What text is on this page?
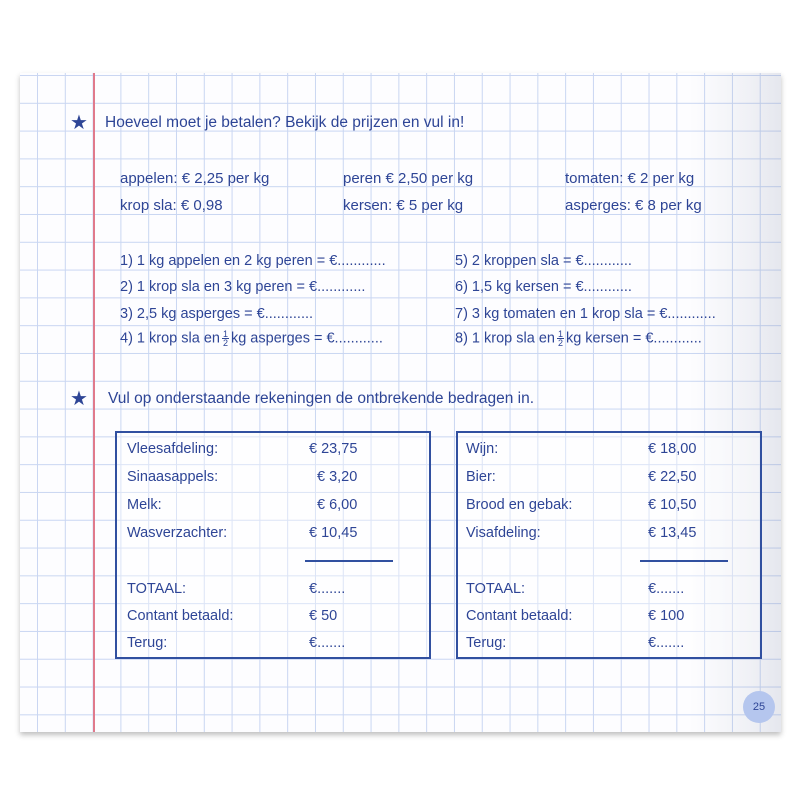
★ Hoeveel moet je betalen? Bekijk de prijzen en vul in!
appelen: € 2,25 per kg	peren € 2,50 per kg	tomaten: € 2 per kg
krop sla: € 0,98	kersen: € 5 per kg	asperges: € 8 per kg
1) 1 kg appelen en 2 kg peren = €............
2) 1 krop sla en 3 kg peren = €............
3) 2,5 kg asperges = €............
4) 1 krop sla en $\frac{1}{2}$ kg asperges = €............
5) 2 kroppen sla = €............
6) 1,5 kg kersen = €............
7) 3 kg tomaten en 1 krop sla = €............
8) 1 krop sla en $\frac{1}{2}$ kg kersen = €............
★ Vul op onderstaande rekeningen de ontbrekende bedragen in.
Vleesafdeling:	€ 23,75
Sinaasappels:	€ 3,20
Melk:	€ 6,00
Wasverzachter:	€ 10,45
TOTAAL:	€.......
Contant betaald:	€ 50
Terug:	€.......
Wijn:	€ 18,00
Bier:	€ 22,50
Brood en gebak:	€ 10,50
Visafdeling:	€ 13,45
TOTAAL:	€.......
Contant betaald:	€ 100
Terug:	€.......
25
